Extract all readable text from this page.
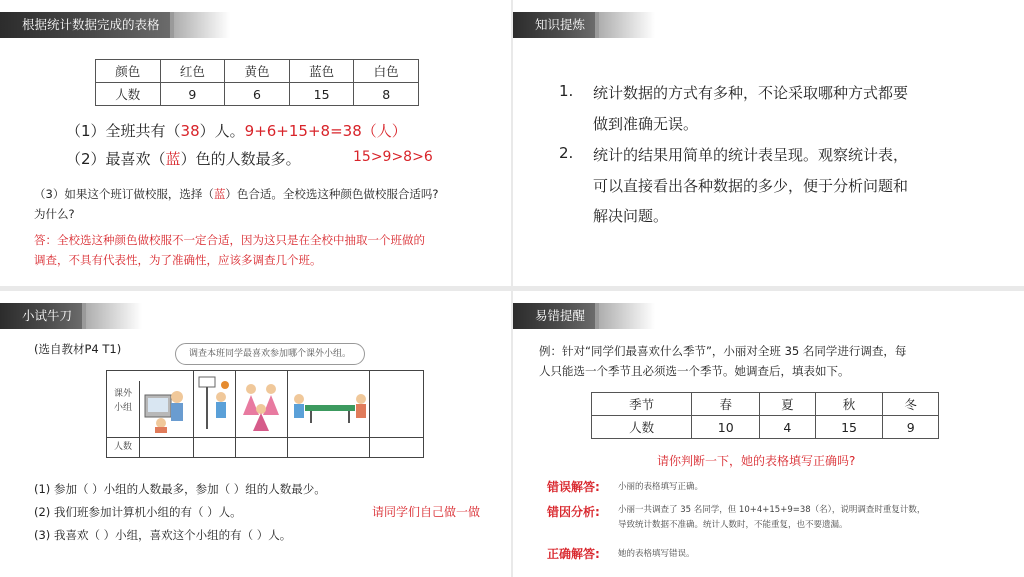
根据统计数据完成的表格
颜色	红色	黄色	蓝色	白色
人数	9	6	15	8
（1）全班共有（38）人。9+6+15+8=38（人）
（2）最喜欢（蓝）色的人数最多。	15>9>8>6
（3）如果这个班订做校服，选择（蓝）色合适。全校选这种颜色做校服合适吗?
为什么?
答：全校选这种颜色做校服不一定合适，因为这只是在全校中抽取一个班做的
调查，不具有代表性，为了准确性，应该多调查几个班。
知识提炼
1. 统计数据的方式有多种，不论采取哪种方式都要
做到准确无误。
2. 统计的结果用简单的统计表呈现。观察统计表，
可以直接看出各种数据的多少，便于分析问题和
解决问题。
小试牛刀
(选自教材P4 T1)	调查本班同学最喜欢参加哪个课外小组。
课外小组
人数
(1) 参加（ ）小组的人数最多，参加（ ）组的人数最少。
(2) 我们班参加计算机小组的有（ ）人。	请同学们自己做一做
(3) 我喜欢（ ）小组，喜欢这个小组的有（ ）人。
易错提醒
例：针对“同学们最喜欢什么季节”，小丽对全班 35 名同学进行调查，每
人只能选一个季节且必须选一个季节。她调查后，填表如下。
季节	春	夏	秋	冬
人数	10	4	15	9
请你判断一下，她的表格填写正确吗?
错误解答: 小丽的表格填写正确。
错因分析: 小丽一共调查了 35 名同学，但 10+4+15+9=38（名），说明调查时重复计数，
导致统计数据不准确。统计人数时，不能重复，也不要遗漏。
正确解答: 她的表格填写错误。
